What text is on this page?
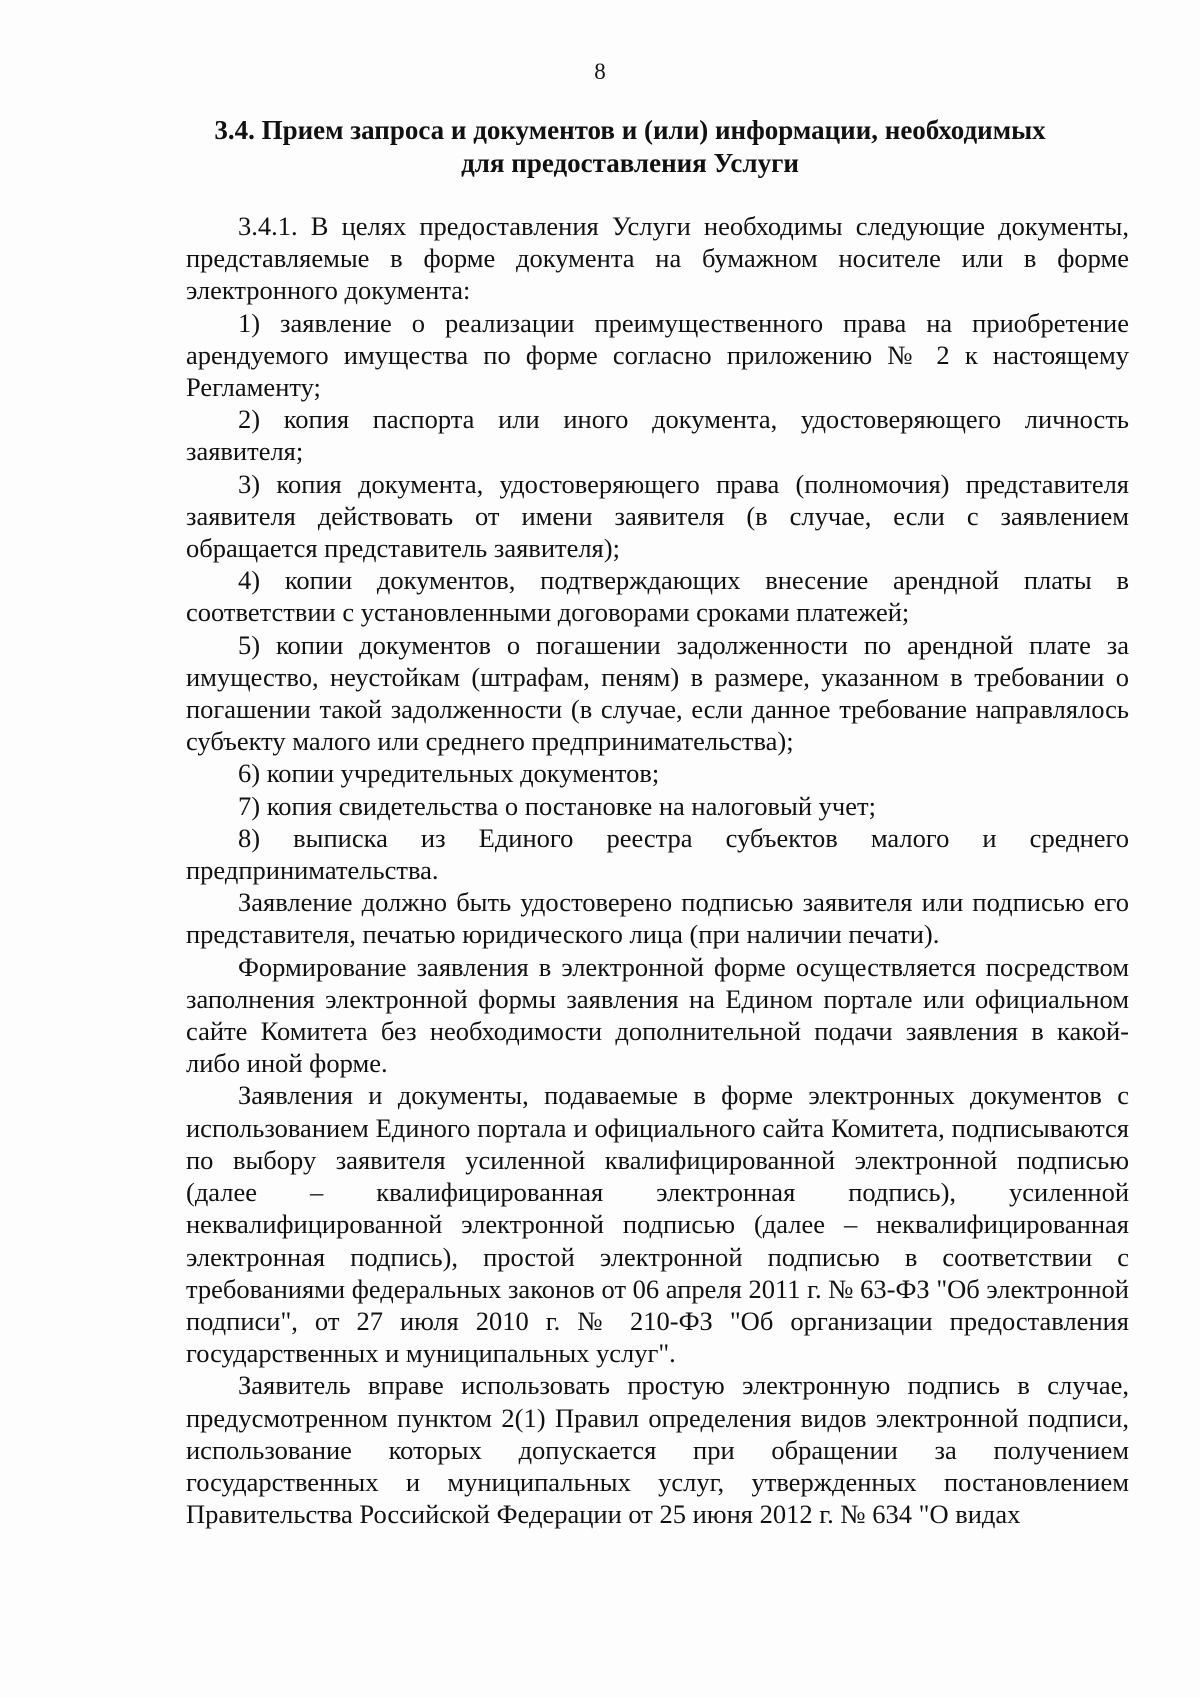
8
3.4. Прием запроса и документов и (или) информации, необходимых
для предоставления Услуги

3.4.1. В целях предоставления Услуги необходимы следующие документы, представляемые в форме документа на бумажном носителе или в форме электронного документа:

1) заявление о реализации преимущественного права на приобретение арендуемого имущества по форме согласно приложению № 2 к настоящему Регламенту;

2) копия паспорта или иного документа, удостоверяющего личность заявителя;

3) копия документа, удостоверяющего права (полномочия) представителя заявителя действовать от имени заявителя (в случае, если с заявлением обращается представитель заявителя);

4) копии документов, подтверждающих внесение арендной платы в соответствии с установленными договорами сроками платежей;

5) копии документов о погашении задолженности по арендной плате за имущество, неустойкам (штрафам, пеням) в размере, указанном в требовании о погашении такой задолженности (в случае, если данное требование направлялось субъекту малого или среднего предпринимательства);

6) копии учредительных документов;

7) копия свидетельства о постановке на налоговый учет;

8) выписка из Единого реестра субъектов малого и среднего предпринимательства.

Заявление должно быть удостоверено подписью заявителя или подписью его представителя, печатью юридического лица (при наличии печати).

Формирование заявления в электронной форме осуществляется посредством заполнения электронной формы заявления на Едином портале или официальном сайте Комитета без необходимости дополнительной подачи заявления в какой-либо иной форме.

Заявления и документы, подаваемые в форме электронных документов с использованием Единого портала и официального сайта Комитета, подписываются по выбору заявителя усиленной квалифицированной электронной подписью (далее – квалифицированная электронная подпись), усиленной неквалифицированной электронной подписью (далее – неквалифицированная электронная подпись), простой электронной подписью в соответствии с требованиями федеральных законов от 06 апреля 2011 г. № 63-ФЗ "Об электронной подписи", от 27 июля 2010 г. № 210-ФЗ "Об организации предоставления государственных и муниципальных услуг".

Заявитель вправе использовать простую электронную подпись в случае, предусмотренном пунктом 2(1) Правил определения видов электронной подписи, использование которых допускается при обращении за получением государственных и муниципальных услуг, утвержденных постановлением Правительства Российской Федерации от 25 июня 2012 г. № 634 "О видах
